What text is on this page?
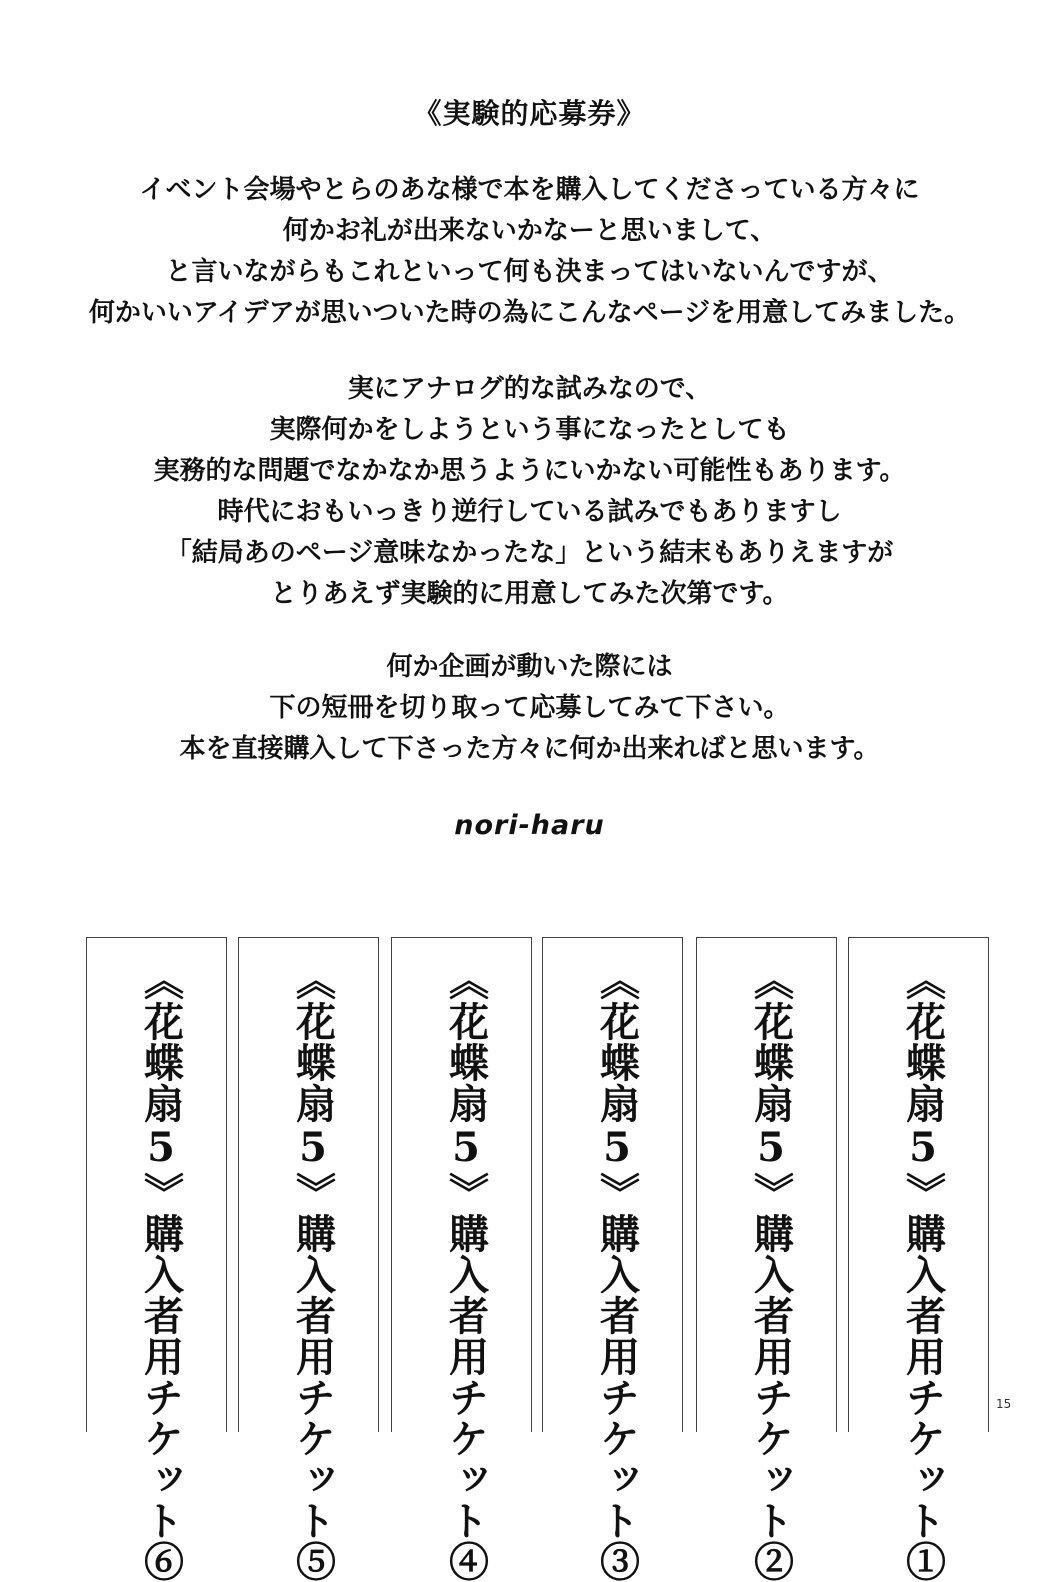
《実験的応募券》
イベント会場やとらのあな様で本を購入してくださっている方々に
何かお礼が出来ないかなーと思いまして、
と言いながらもこれといって何も決まってはいないんですが、
何かいいアイデアが思いついた時の為にこんなページを用意してみました。
実にアナログ的な試みなので、
実際何かをしようという事になったとしても
実務的な問題でなかなか思うようにいかない可能性もあります。
時代におもいっきり逆行している試みでもありますし
「結局あのページ意味なかったな」という結末もありえますが
とりあえず実験的に用意してみた次第です。
何か企画が動いた際には
下の短冊を切り取って応募してみて下さい。
本を直接購入して下さった方々に何か出来ればと思います。
nori-haru
《花蝶扇5》購入者用チケット⑥	《花蝶扇5》購入者用チケット⑤	《花蝶扇5》購入者用チケット④	《花蝶扇5》購入者用チケット③	《花蝶扇5》購入者用チケット②	《花蝶扇5》購入者用チケット①	15
